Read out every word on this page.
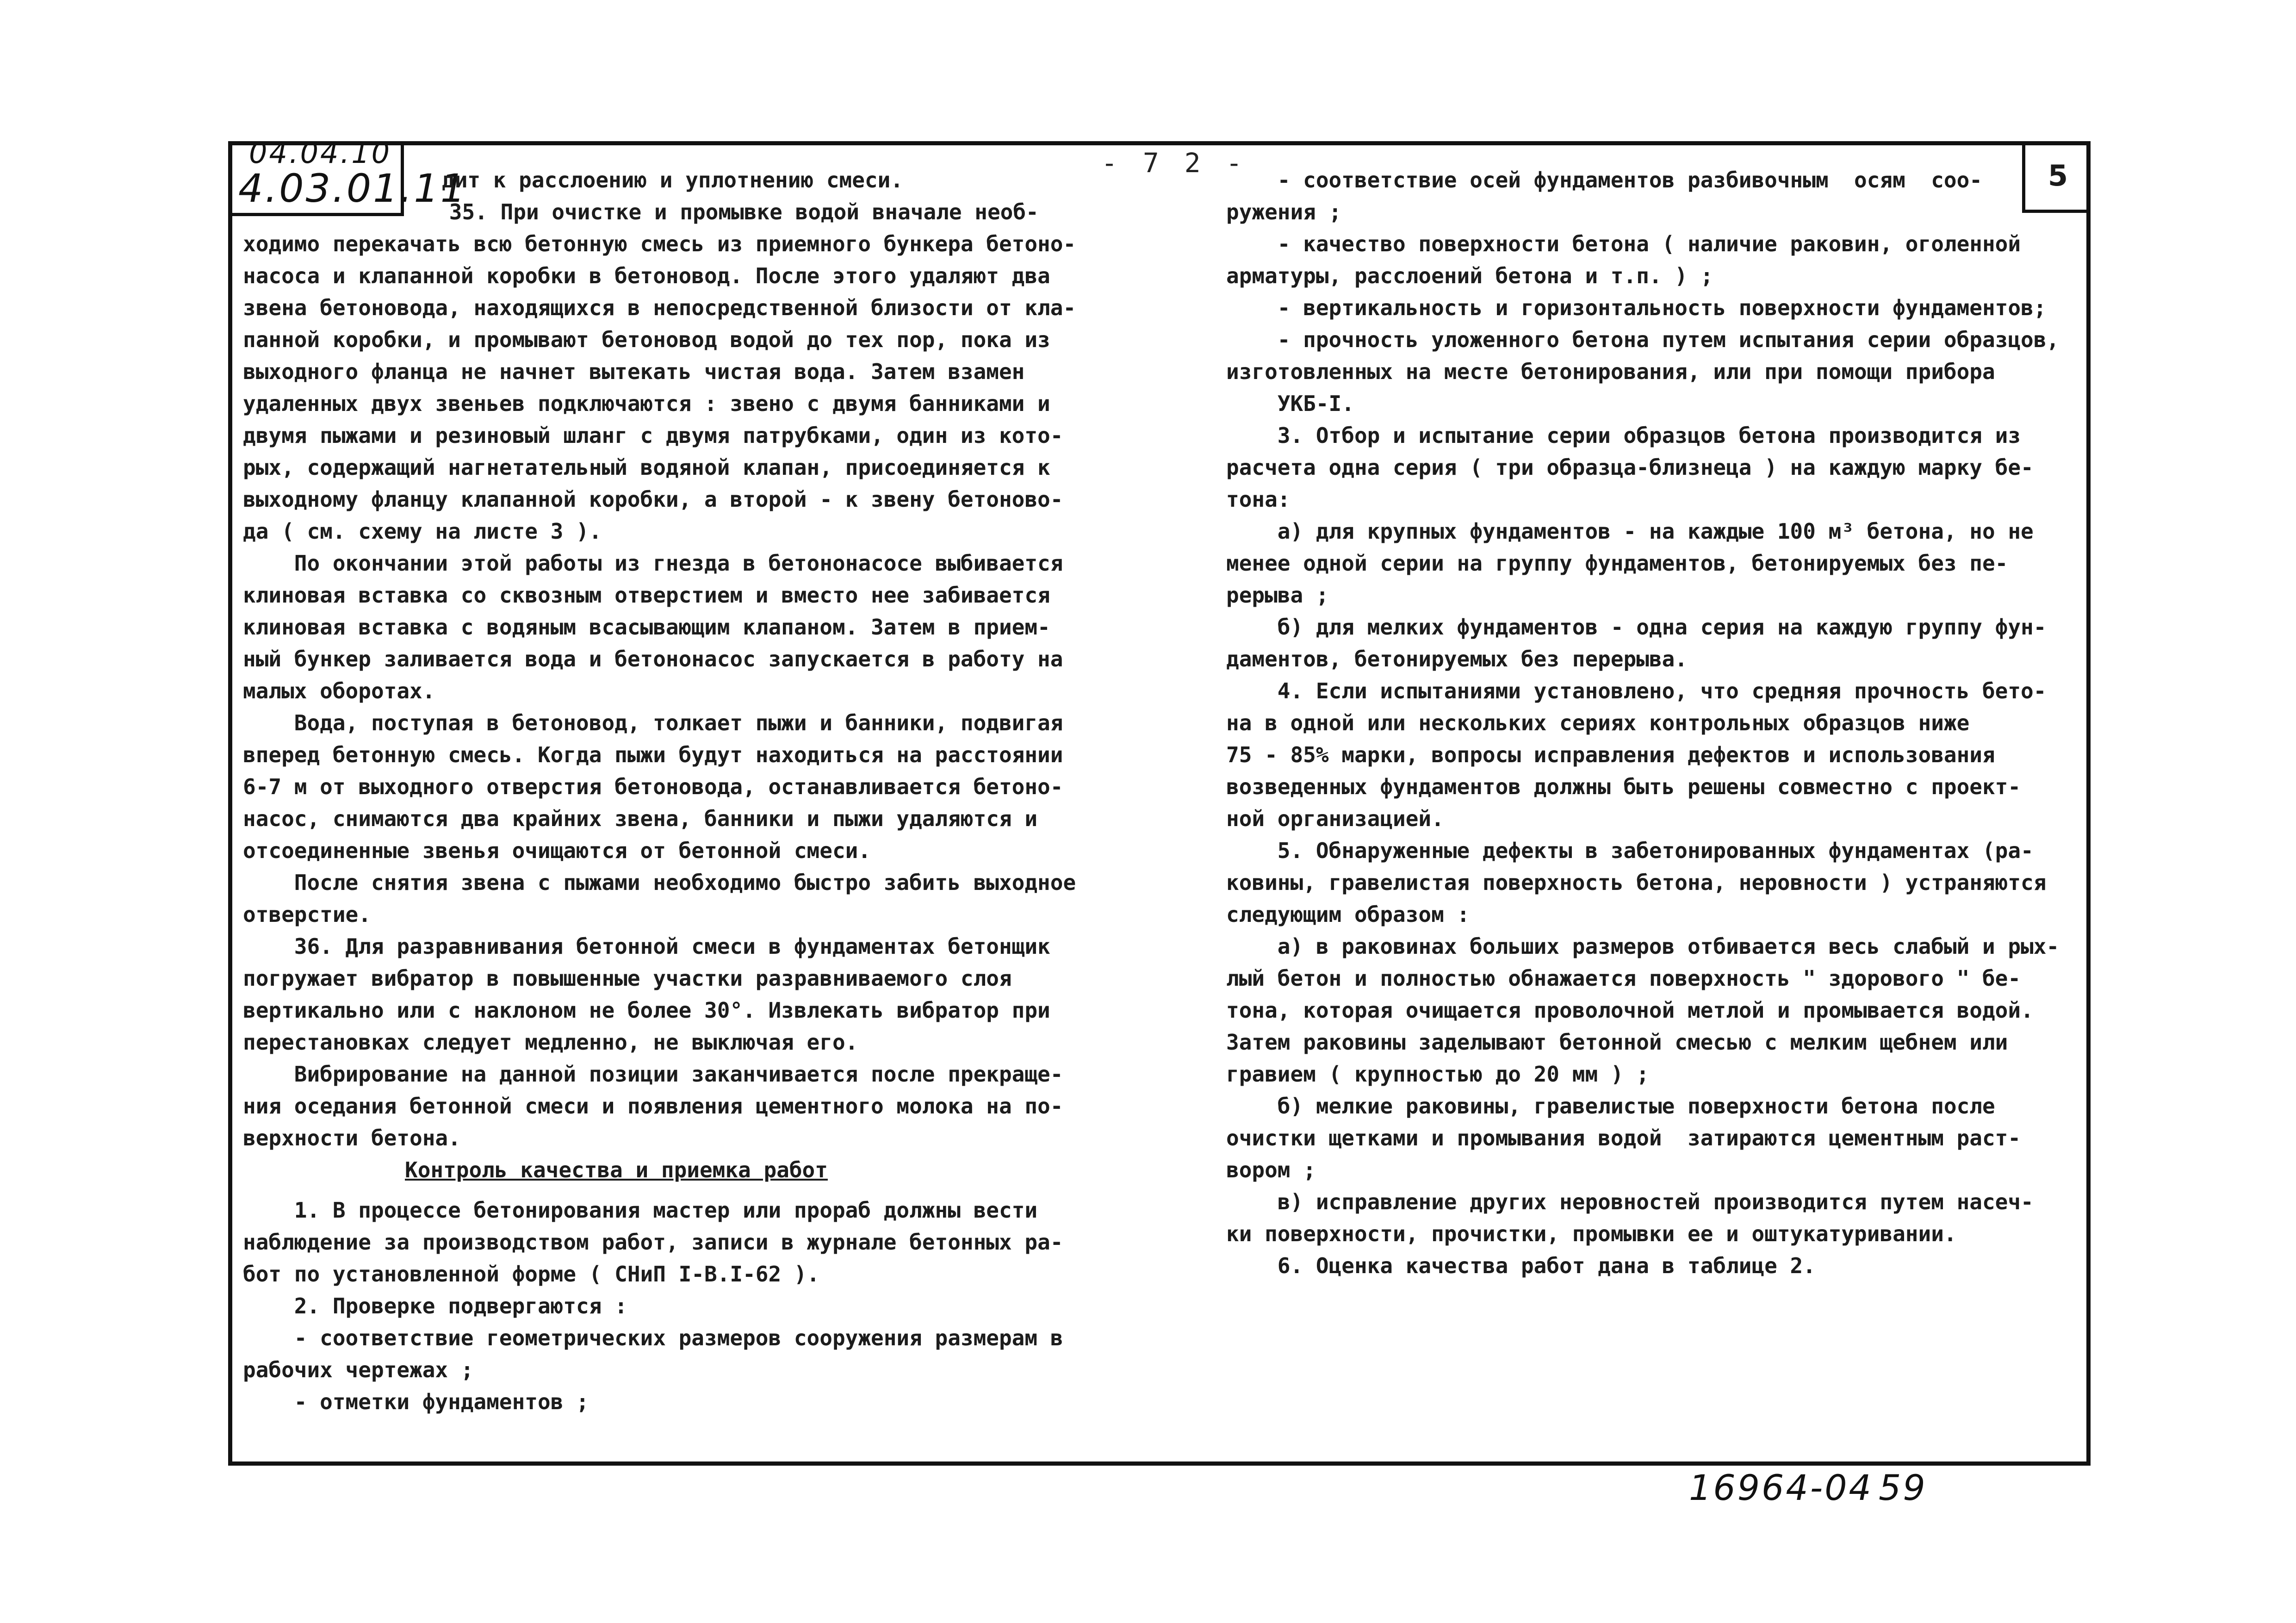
04.04.10
4.03.01.11
- 7 2 -	5
дит к расслоению и уплотнению смеси.
35. При очистке и промывке водой вначале необ-
ходимо перекачать всю бетонную смесь из приемного бункера бетоно-
насоса и клапанной коробки в бетоновод. После этого удаляют два
звена бетоновода, находящихся в непосредственной близости от кла-
панной коробки, и промывают бетоновод водой до тех пор, пока из
выходного фланца не начнет вытекать чистая вода. Затем взамен
удаленных двух звеньев подключаются : звено с двумя банниками и
двумя пыжами и резиновый шланг с двумя патрубками, один из кото-
рых, содержащий нагнетательный водяной клапан, присоединяется к
выходному фланцу клапанной коробки, а второй - к звену бетоново-
да ( см. схему на листе 3 ).
По окончании этой работы из гнезда в бетононасосе выбивается
клиновая вставка со сквозным отверстием и вместо нее забивается
клиновая вставка с водяным всасывающим клапаном. Затем в прием-
ный бункер заливается вода и бетононасос запускается в работу на
малых оборотах.
Вода, поступая в бетоновод, толкает пыжи и банники, подвигая
вперед бетонную смесь. Когда пыжи будут находиться на расстоянии
6-7 м от выходного отверстия бетоновода, останавливается бетоно-
насос, снимаются два крайних звена, банники и пыжи удаляются и
отсоединенные звенья очищаются от бетонной смеси.
После снятия звена с пыжами необходимо быстро забить выходное
отверстие.
36. Для разравнивания бетонной смеси в фундаментах бетонщик
погружает вибратор в повышенные участки разравниваемого слоя
вертикально или с наклоном не более 30°. Извлекать вибратор при
перестановках следует медленно, не выключая его.
Вибрирование на данной позиции заканчивается после прекраще-
ния оседания бетонной смеси и появления цементного молока на по-
верхности бетона.
Контроль качества и приемка работ
1. В процессе бетонирования мастер или прораб должны вести
наблюдение за производством работ, записи в журнале бетонных ра-
бот по установленной форме ( СНиП I-В.I-62 ).
2. Проверке подвергаются :
- соответствие геометрических размеров сооружения размерам в
рабочих чертежах ;
- отметки фундаментов ;
- соответствие осей фундаментов разбивочным  осям  соо-
ружения ;
- качество поверхности бетона ( наличие раковин, оголенной
арматуры, расслоений бетона и т.п. ) ;
- вертикальность и горизонтальность поверхности фундаментов;
- прочность уложенного бетона путем испытания серии образцов,
изготовленных на месте бетонирования, или при помощи прибора
УКБ-I.
3. Отбор и испытание серии образцов бетона производится из
расчета одна серия ( три образца-близнеца ) на каждую марку бе-
тона:
а) для крупных фундаментов - на каждые 100 м³ бетона, но не
менее одной серии на группу фундаментов, бетонируемых без пе-
рерыва ;
б) для мелких фундаментов - одна серия на каждую группу фун-
даментов, бетонируемых без перерыва.
4. Если испытаниями установлено, что средняя прочность бето-
на в одной или нескольких сериях контрольных образцов ниже
75 - 85% марки, вопросы исправления дефектов и использования
возведенных фундаментов должны быть решены совместно с проект-
ной организацией.
5. Обнаруженные дефекты в забетонированных фундаментах (ра-
ковины, гравелистая поверхность бетона, неровности ) устраняются
следующим образом :
а) в раковинах больших размеров отбивается весь слабый и рых-
лый бетон и полностью обнажается поверхность " здорового " бе-
тона, которая очищается проволочной метлой и промывается водой.
Затем раковины заделывают бетонной смесью с мелким щебнем или
гравием ( крупностью до 20 мм ) ;
б) мелкие раковины, гравелистые поверхности бетона после
очистки щетками и промывания водой  затираются цементным раст-
вором ;
в) исправление других неровностей производится путем насеч-
ки поверхности, прочистки, промывки ее и оштукатуривании.
6. Оценка качества работ дана в таблице 2.
16964-04 59
